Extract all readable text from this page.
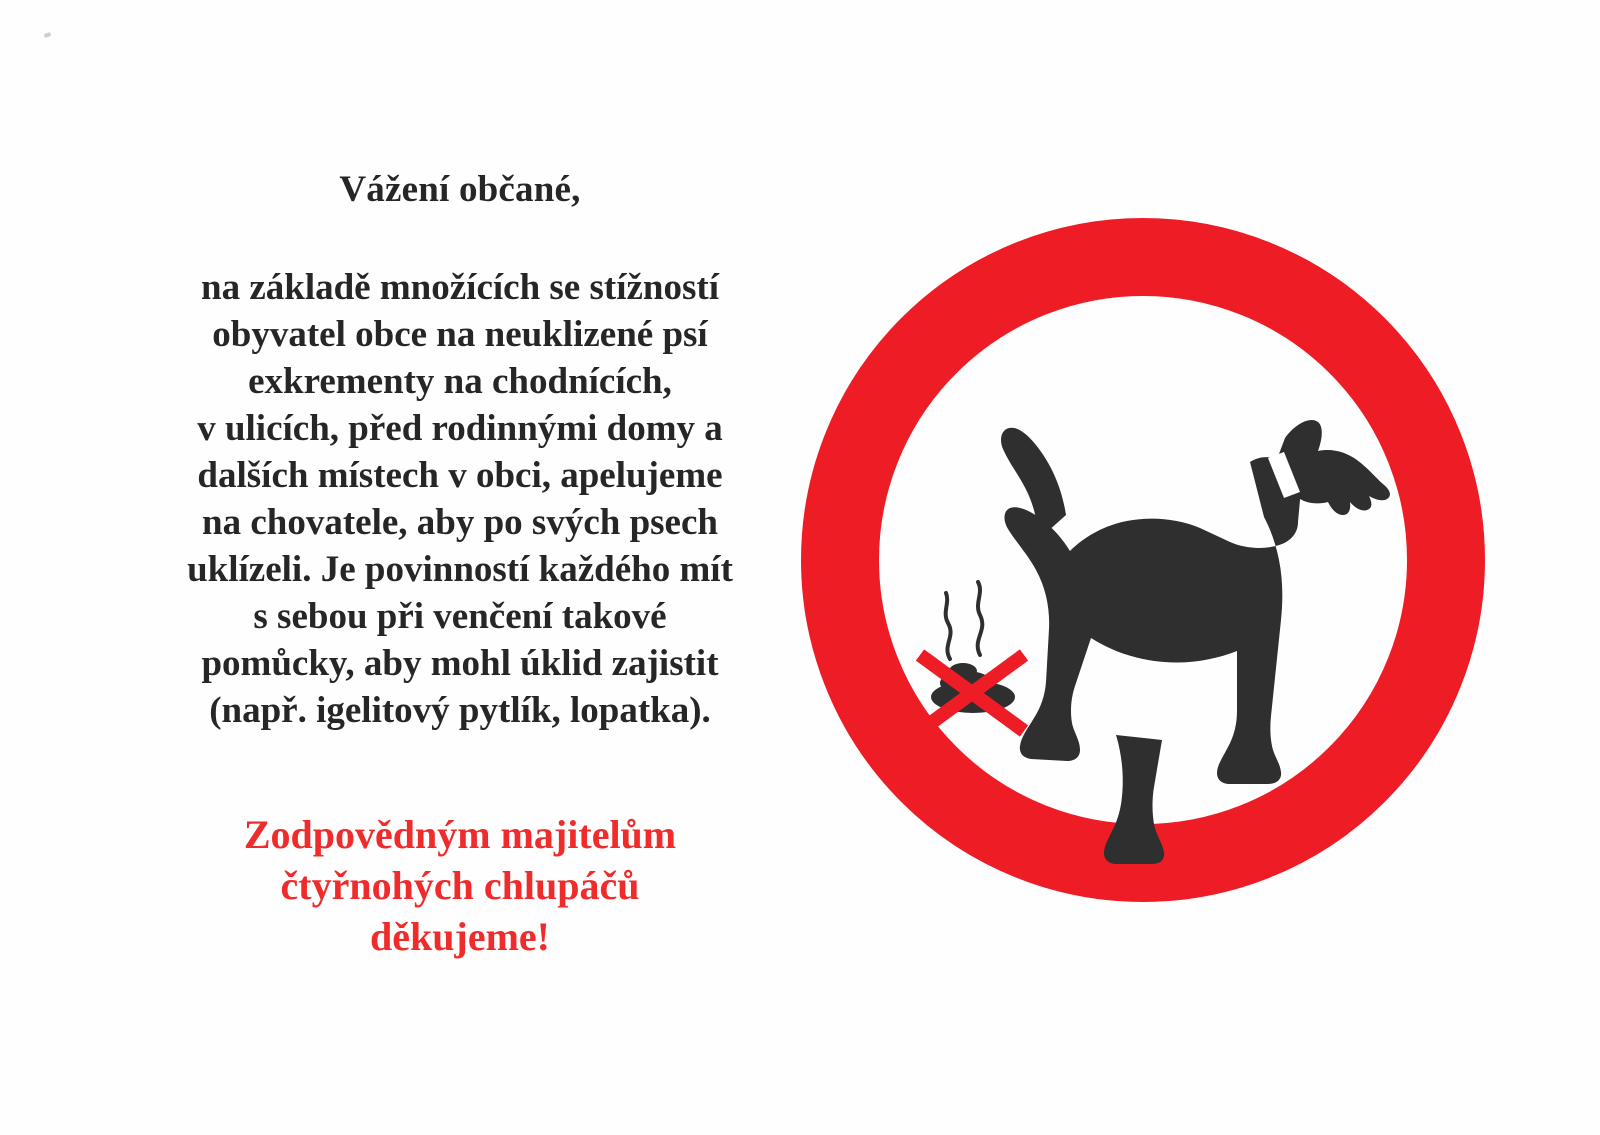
Vážení občané,

na základě množících se stížností
obyvatel obce na neuklizené psí
exkrementy na chodnících,
v ulicích, před rodinnými domy a
dalších místech v obci, apelujeme
na chovatele, aby po svých psech
uklízeli. Je povinností každého mít
s sebou při venčení takové
pomůcky, aby mohl úklid zajistit
(např. igelitový pytlík, lopatka).
Zodpovědným majitelům
čtyřnohých chlupáčů
děkujeme!
